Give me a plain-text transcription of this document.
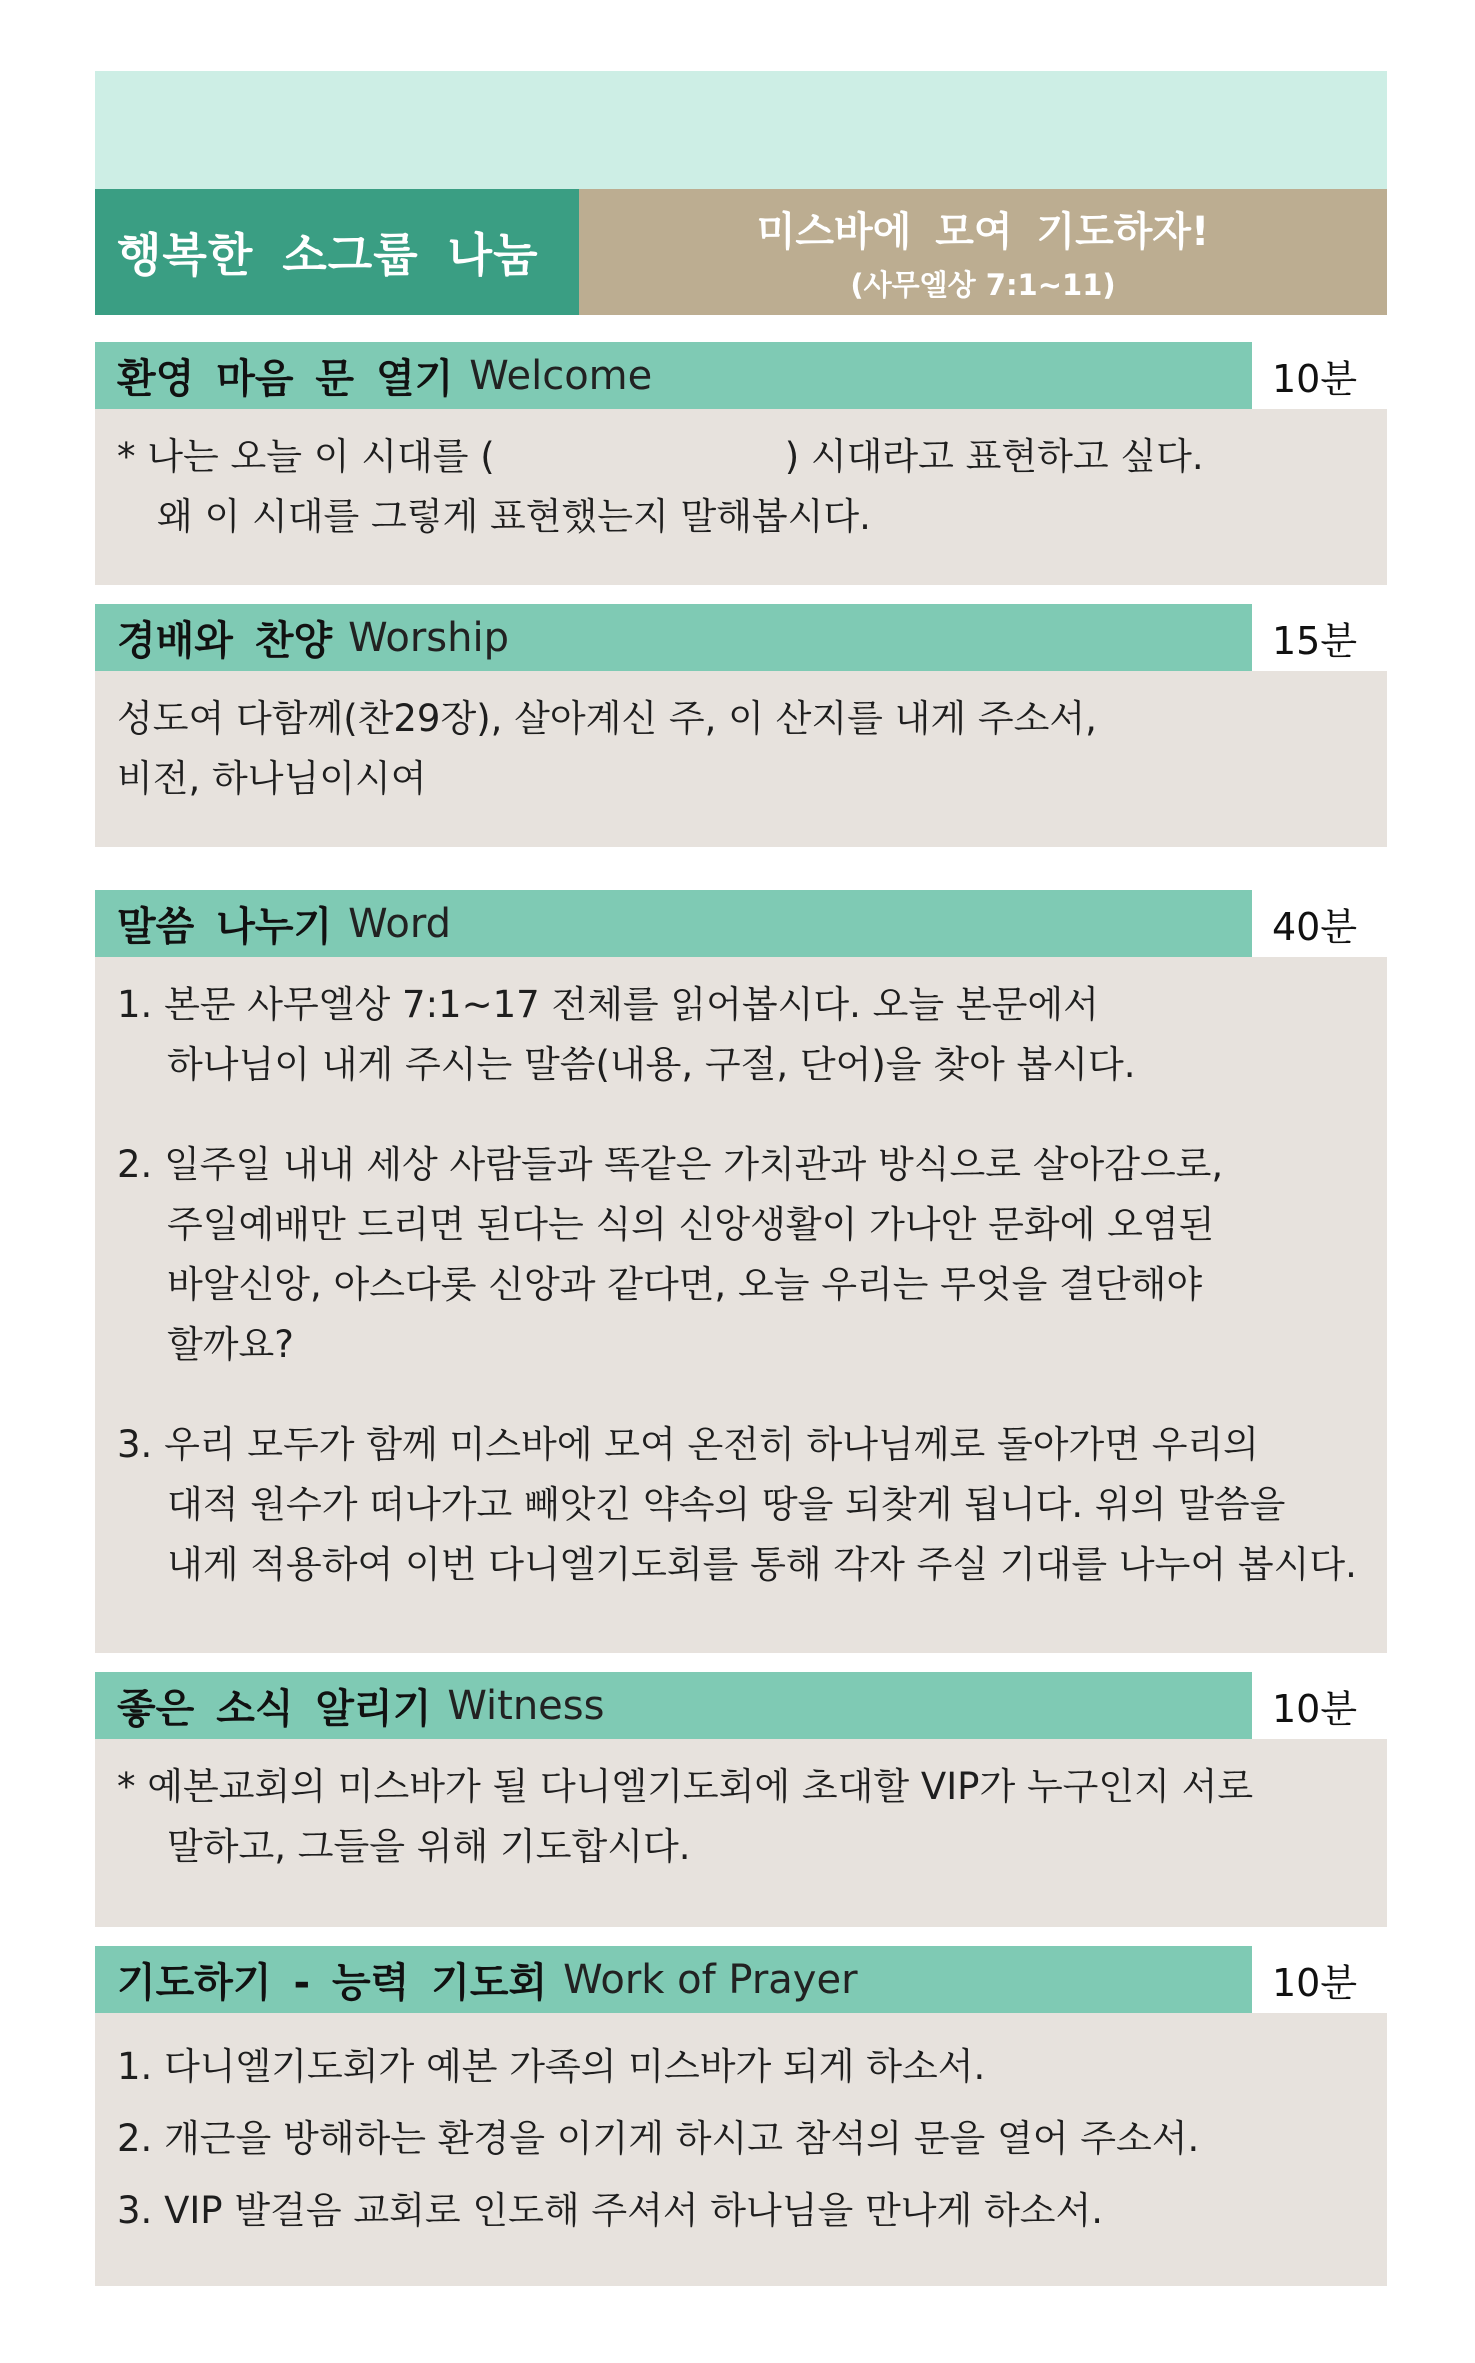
행복한 소그룹 나눔	미스바에 모여 기도하자!
(사무엘상 7:1~11)
환영 마음 문 열기 Welcome	10분
* 나는 오늘 이 시대를 (	) 시대라고 표현하고 싶다.
왜 이 시대를 그렇게 표현했는지 말해봅시다.
경배와 찬양 Worship	15분
성도여 다함께(찬29장), 살아계신 주, 이 산지를 내게 주소서,
비전, 하나님이시여
말씀 나누기 Word	40분
1. 본문 사무엘상 7:1~17 전체를 읽어봅시다. 오늘 본문에서
하나님이 내게 주시는 말씀(내용, 구절, 단어)을 찾아 봅시다.
2. 일주일 내내 세상 사람들과 똑같은 가치관과 방식으로 살아감으로,
주일예배만 드리면 된다는 식의 신앙생활이 가나안 문화에 오염된
바알신앙, 아스다롯 신앙과 같다면, 오늘 우리는 무엇을 결단해야
할까요?
3. 우리 모두가 함께 미스바에 모여 온전히 하나님께로 돌아가면 우리의
대적 원수가 떠나가고 빼앗긴 약속의 땅을 되찾게 됩니다. 위의 말씀을
내게 적용하여 이번 다니엘기도회를 통해 각자 주실 기대를 나누어 봅시다.
좋은 소식 알리기 Witness	10분
* 예본교회의 미스바가 될 다니엘기도회에 초대할 VIP가 누구인지 서로
말하고, 그들을 위해 기도합시다.
기도하기 - 능력 기도회 Work of Prayer	10분
1. 다니엘기도회가 예본 가족의 미스바가 되게 하소서.
2. 개근을 방해하는 환경을 이기게 하시고 참석의 문을 열어 주소서.
3. VIP 발걸음 교회로 인도해 주셔서 하나님을 만나게 하소서.
